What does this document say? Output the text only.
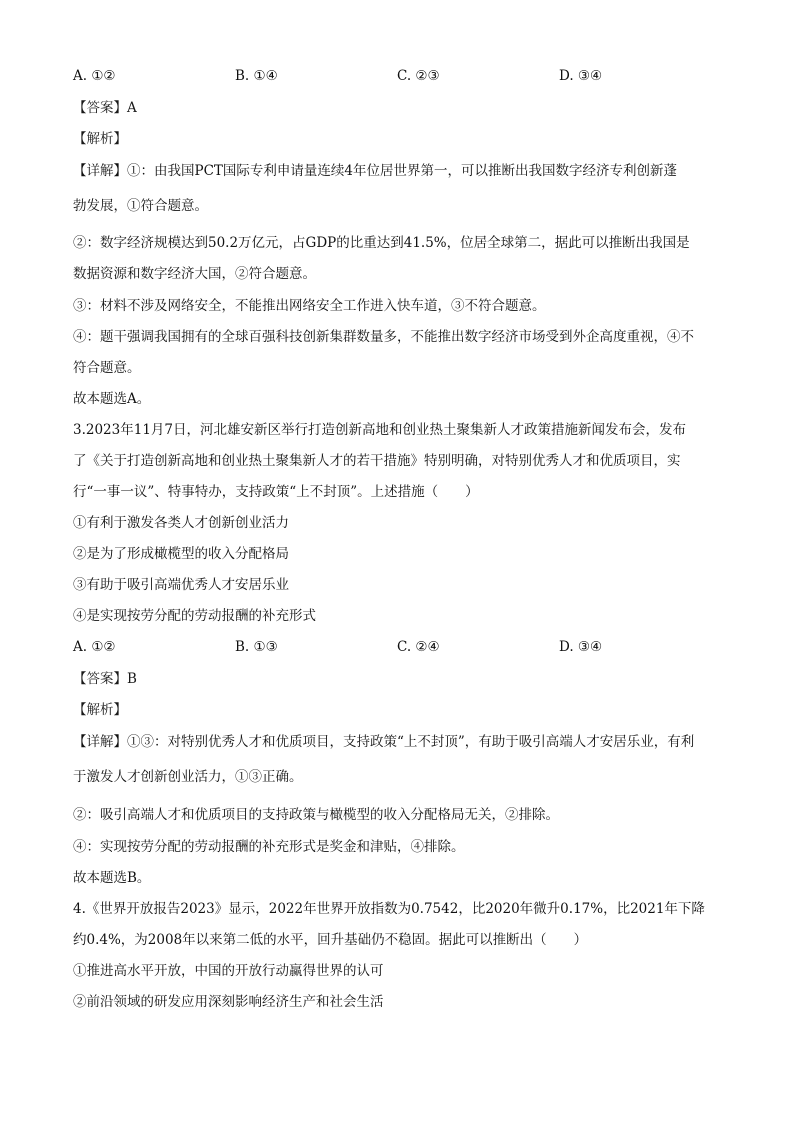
A. ①②	B. ①④	C. ②③	D. ③④
【答案】A
【解析】
【详解】①：由我国PCT国际专利申请量连续4年位居世界第一，可以推断出我国数字经济专利创新蓬
勃发展，①符合题意。
②：数字经济规模达到50.2万亿元，占GDP的比重达到41.5%，位居全球第二，据此可以推断出我国是
数据资源和数字经济大国，②符合题意。
③：材料不涉及网络安全，不能推出网络安全工作进入快车道，③不符合题意。
④：题干强调我国拥有的全球百强科技创新集群数量多，不能推出数字经济市场受到外企高度重视，④不
符合题意。
故本题选A。
3.2023年11月7日，河北雄安新区举行打造创新高地和创业热土聚集新人才政策措施新闻发布会，发布
了《关于打造创新高地和创业热土聚集新人才的若干措施》特别明确，对特别优秀人才和优质项目，实
行“一事一议”、特事特办，支持政策“上不封顶”。上述措施（　　）
①有利于激发各类人才创新创业活力
②是为了形成橄榄型的收入分配格局
③有助于吸引高端优秀人才安居乐业
④是实现按劳分配的劳动报酬的补充形式
A. ①②	B. ①③	C. ②④	D. ③④
【答案】B
【解析】
【详解】①③：对特别优秀人才和优质项目，支持政策“上不封顶”，有助于吸引高端人才安居乐业，有利
于激发人才创新创业活力，①③正确。
②：吸引高端人才和优质项目的支持政策与橄榄型的收入分配格局无关，②排除。
④：实现按劳分配的劳动报酬的补充形式是奖金和津贴，④排除。
故本题选B。
4.《世界开放报告2023》显示，2022年世界开放指数为0.7542，比2020年微升0.17%，比2021年下降
约0.4%，为2008年以来第二低的水平，回升基础仍不稳固。据此可以推断出（　　）
①推进高水平开放，中国的开放行动赢得世界的认可
②前沿领域的研发应用深刻影响经济生产和社会生活
